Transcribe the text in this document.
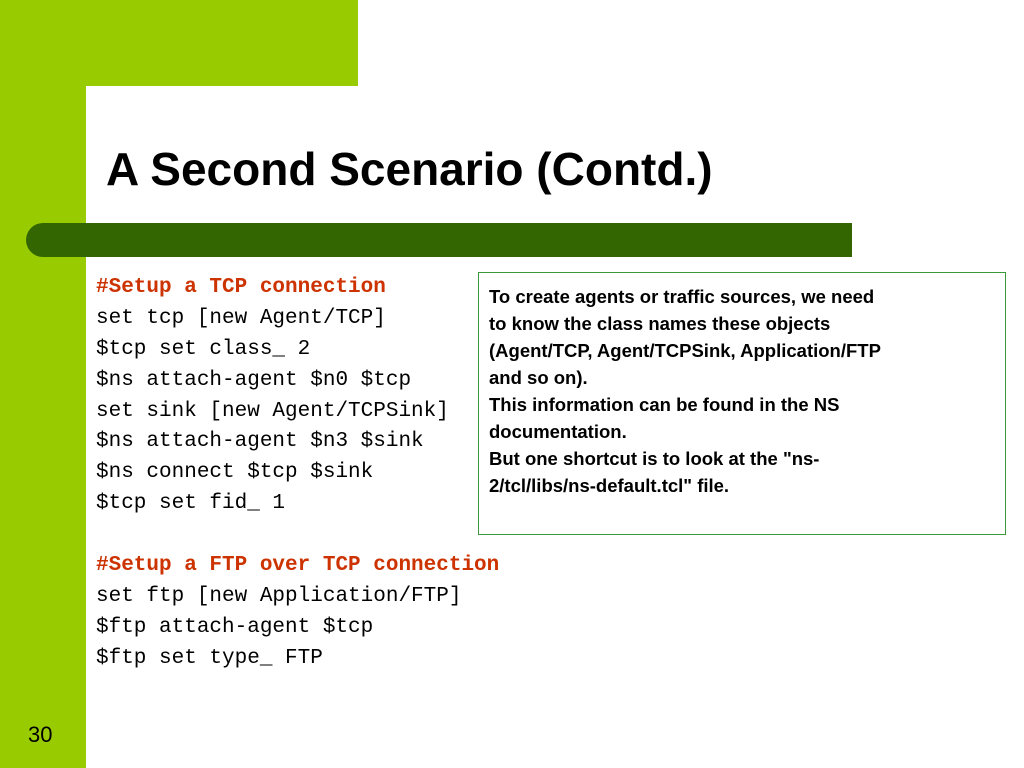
A Second Scenario (Contd.)
#Setup a TCP connection
set tcp [new Agent/TCP]
$tcp set class_ 2
$ns attach-agent $n0 $tcp
set sink [new Agent/TCPSink]
$ns attach-agent $n3 $sink
$ns connect $tcp $sink
$tcp set fid_ 1
#Setup a FTP over TCP connection
set ftp [new Application/FTP]
$ftp attach-agent $tcp
$ftp set type_ FTP
To create agents or traffic sources, we need
to know the class names these objects
(Agent/TCP, Agent/TCPSink, Application/FTP
and so on).
This information can be found in the NS
documentation.
But one shortcut is to look at the "ns-
2/tcl/libs/ns-default.tcl" file.
30
